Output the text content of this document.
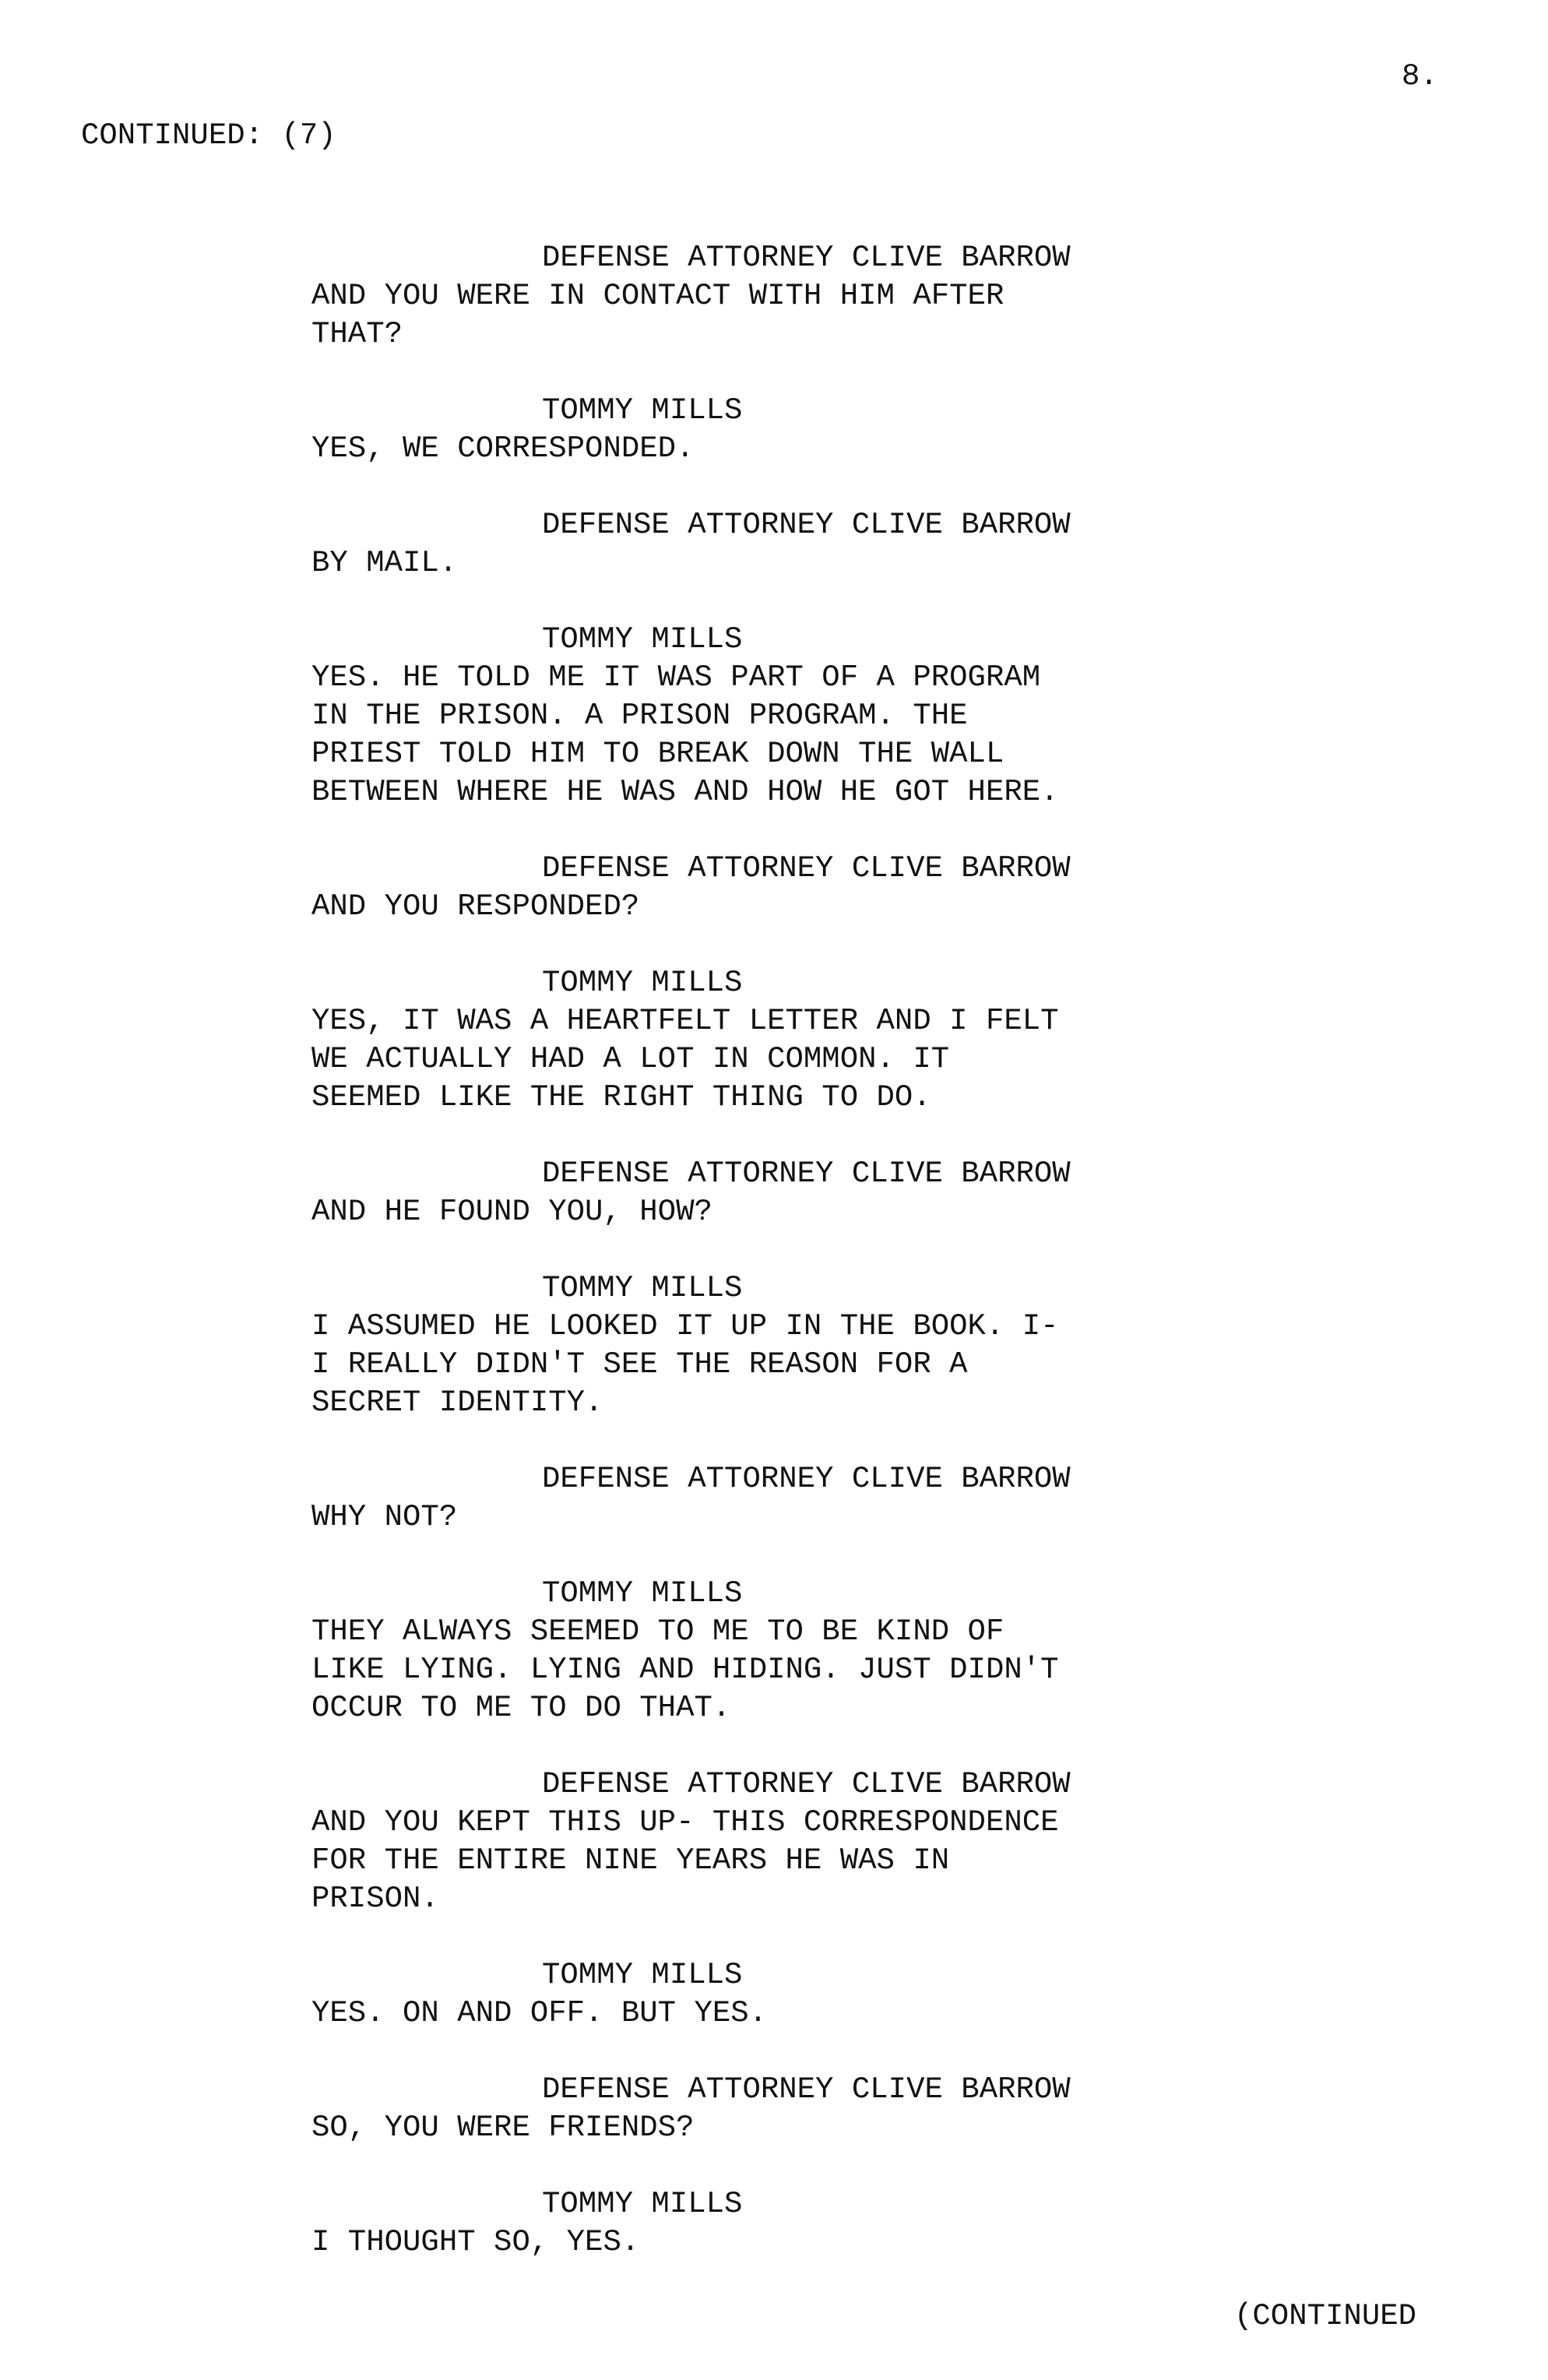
8.
CONTINUED: (7)
DEFENSE ATTORNEY CLIVE BARROW
AND YOU WERE IN CONTACT WITH HIM AFTER
THAT?
TOMMY MILLS
YES, WE CORRESPONDED.
DEFENSE ATTORNEY CLIVE BARROW
BY MAIL.
TOMMY MILLS
YES. HE TOLD ME IT WAS PART OF A PROGRAM
IN THE PRISON. A PRISON PROGRAM. THE
PRIEST TOLD HIM TO BREAK DOWN THE WALL
BETWEEN WHERE HE WAS AND HOW HE GOT HERE.
DEFENSE ATTORNEY CLIVE BARROW
AND YOU RESPONDED?
TOMMY MILLS
YES, IT WAS A HEARTFELT LETTER AND I FELT
WE ACTUALLY HAD A LOT IN COMMON. IT
SEEMED LIKE THE RIGHT THING TO DO.
DEFENSE ATTORNEY CLIVE BARROW
AND HE FOUND YOU, HOW?
TOMMY MILLS
I ASSUMED HE LOOKED IT UP IN THE BOOK. I-
I REALLY DIDN'T SEE THE REASON FOR A
SECRET IDENTITY.
DEFENSE ATTORNEY CLIVE BARROW
WHY NOT?
TOMMY MILLS
THEY ALWAYS SEEMED TO ME TO BE KIND OF
LIKE LYING. LYING AND HIDING. JUST DIDN'T
OCCUR TO ME TO DO THAT.
DEFENSE ATTORNEY CLIVE BARROW
AND YOU KEPT THIS UP- THIS CORRESPONDENCE
FOR THE ENTIRE NINE YEARS HE WAS IN
PRISON.
TOMMY MILLS
YES. ON AND OFF. BUT YES.
DEFENSE ATTORNEY CLIVE BARROW
SO, YOU WERE FRIENDS?
TOMMY MILLS
I THOUGHT SO, YES.
(CONTINUED
